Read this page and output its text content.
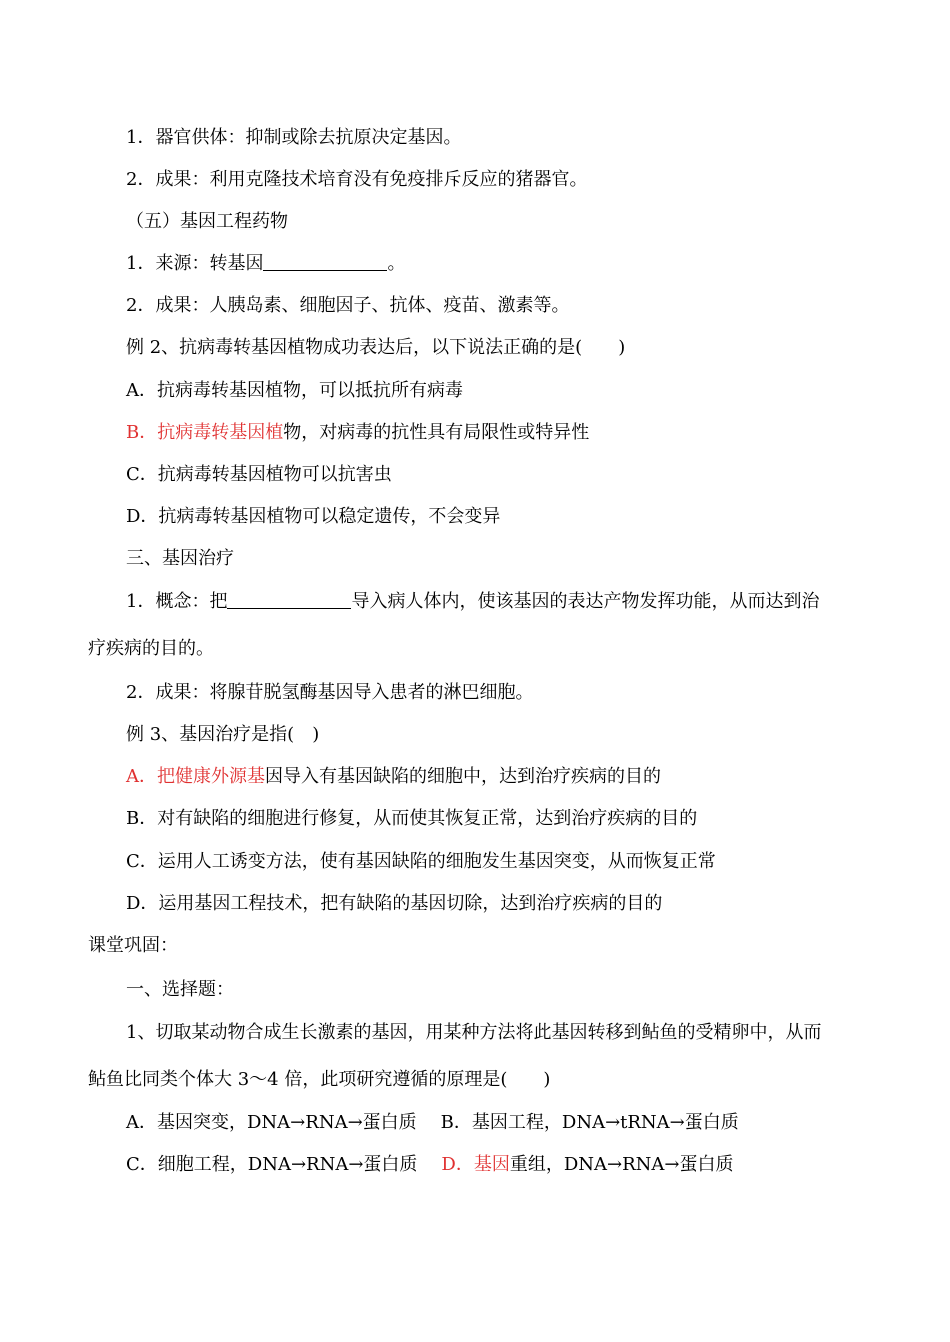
1．器官供体：抑制或除去抗原决定基因。
2．成果：利用克隆技术培育没有免疫排斥反应的猪器官。
（五）基因工程药物
1．来源：转基因	。
2．成果：人胰岛素、细胞因子、抗体、疫苗、激素等。
例 2、抗病毒转基因植物成功表达后，以下说法正确的是(　　)
A．抗病毒转基因植物，可以抵抗所有病毒
B．抗病毒转基因植物，对病毒的抗性具有局限性或特异性
C．抗病毒转基因植物可以抗害虫
D．抗病毒转基因植物可以稳定遗传，不会变异
三、基因治疗
1．概念：把	导入病人体内，使该基因的表达产物发挥功能，从而达到治
疗疾病的目的。
2．成果：将腺苷脱氢酶基因导入患者的淋巴细胞。
例 3、基因治疗是指(　)
A．把健康外源基因导入有基因缺陷的细胞中，达到治疗疾病的目的
B．对有缺陷的细胞进行修复，从而使其恢复正常，达到治疗疾病的目的
C．运用人工诱变方法，使有基因缺陷的细胞发生基因突变，从而恢复正常
D．运用基因工程技术，把有缺陷的基因切除，达到治疗疾病的目的
课堂巩固：
一、选择题：
1、切取某动物合成生长激素的基因，用某种方法将此基因转移到鲇鱼的受精卵中，从而
鲇鱼比同类个体大 3～4 倍，此项研究遵循的原理是(　　)
A．基因突变，DNA→RNA→蛋白质 B．基因工程，DNA→tRNA→蛋白质
C．细胞工程，DNA→RNA→蛋白质 D．基因重组，DNA→RNA→蛋白质
